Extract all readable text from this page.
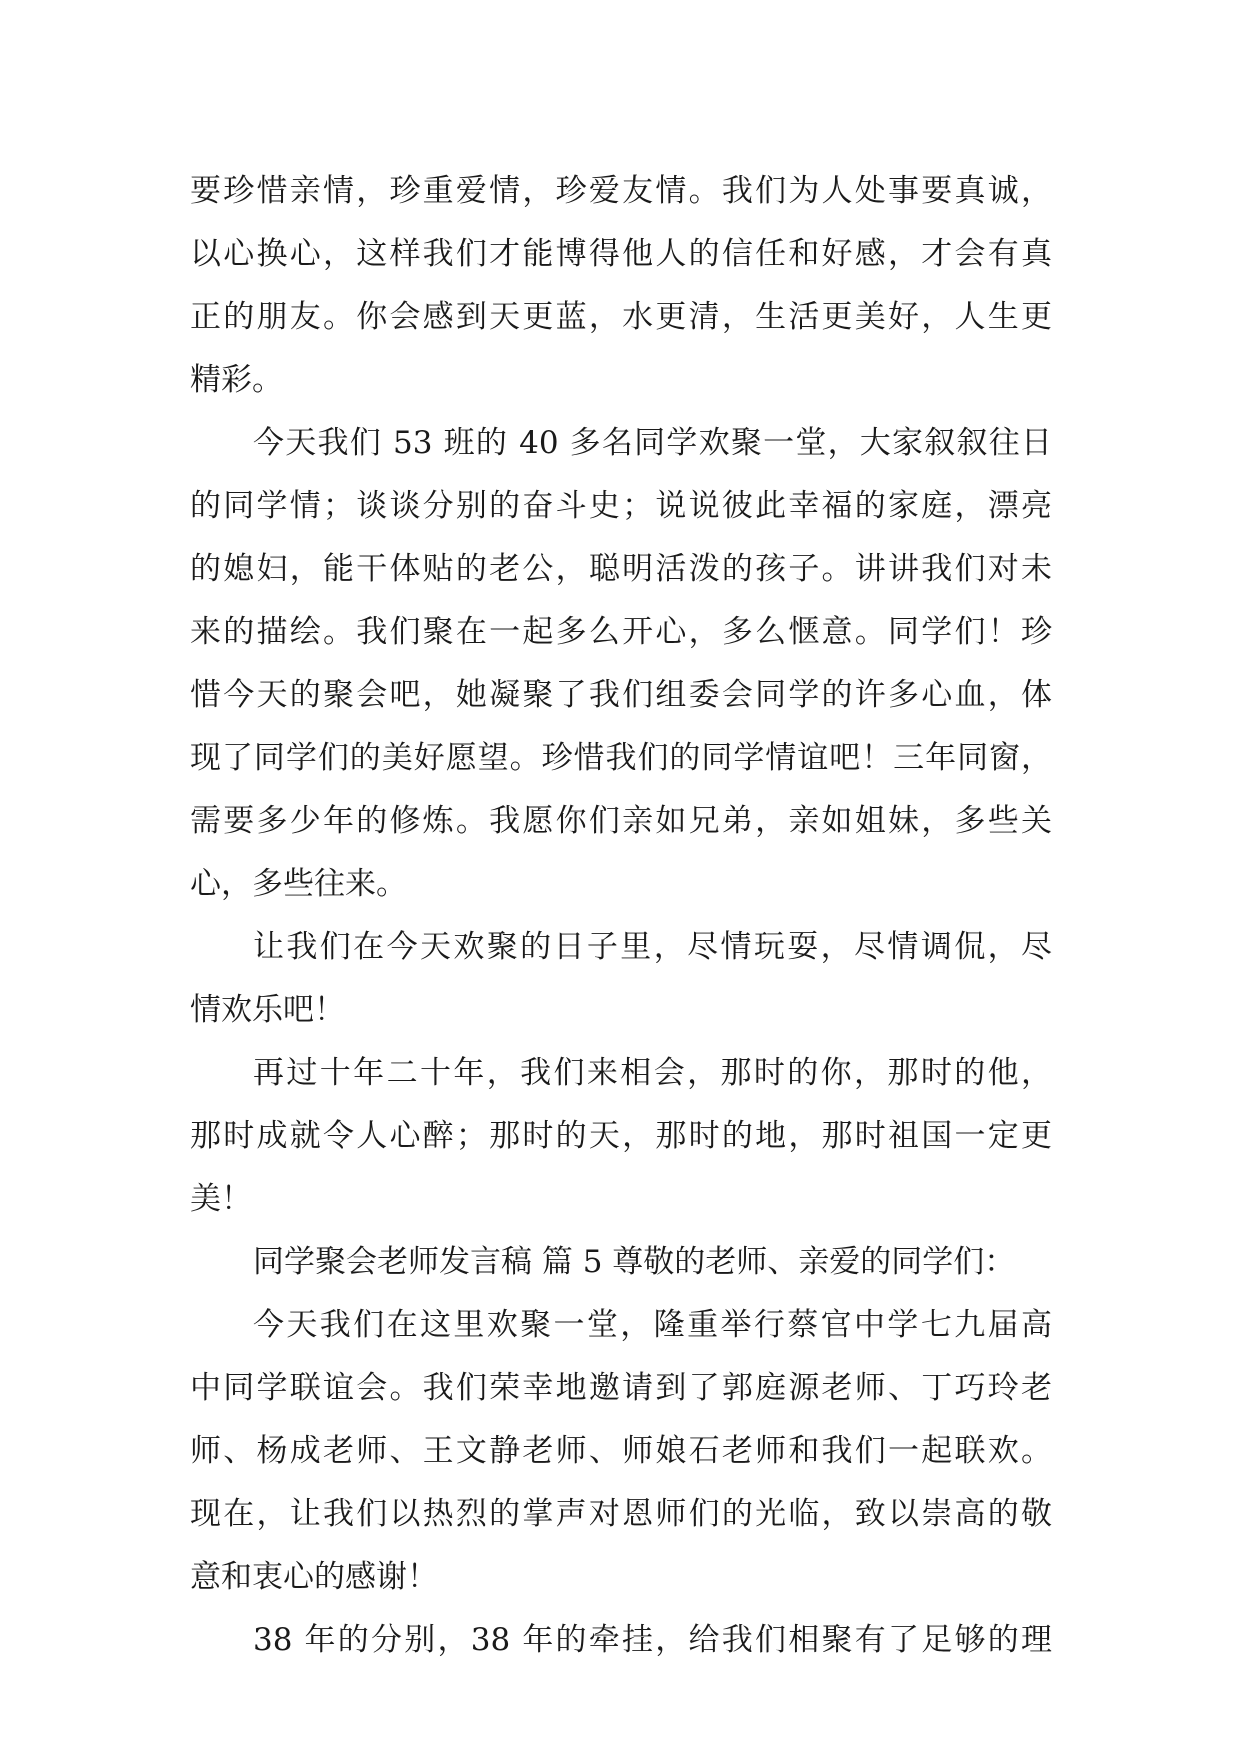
要珍惜亲情，珍重爱情，珍爱友情。我们为人处事要真诚，
以心换心，这样我们才能博得他人的信任和好感，才会有真
正的朋友。你会感到天更蓝，水更清，生活更美好，人生更
精彩。
今天我们 53 班的 40 多名同学欢聚一堂，大家叙叙往日
的同学情；谈谈分别的奋斗史；说说彼此幸福的家庭，漂亮
的媳妇，能干体贴的老公，聪明活泼的孩子。讲讲我们对未
来的描绘。我们聚在一起多么开心，多么惬意。同学们！珍
惜今天的聚会吧，她凝聚了我们组委会同学的许多心血，体
现了同学们的美好愿望。珍惜我们的同学情谊吧！三年同窗，
需要多少年的修炼。我愿你们亲如兄弟，亲如姐妹，多些关
心，多些往来。
让我们在今天欢聚的日子里，尽情玩耍，尽情调侃，尽
情欢乐吧！
再过十年二十年，我们来相会，那时的你，那时的他，
那时成就令人心醉；那时的天，那时的地，那时祖国一定更
美！
同学聚会老师发言稿 篇 5 尊敬的老师、亲爱的同学们：
今天我们在这里欢聚一堂，隆重举行蔡官中学七九届高
中同学联谊会。我们荣幸地邀请到了郭庭源老师、丁巧玲老
师、杨成老师、王文静老师、师娘石老师和我们一起联欢。
现在，让我们以热烈的掌声对恩师们的光临，致以崇高的敬
意和衷心的感谢！
38 年的分别，38 年的牵挂，给我们相聚有了足够的理
